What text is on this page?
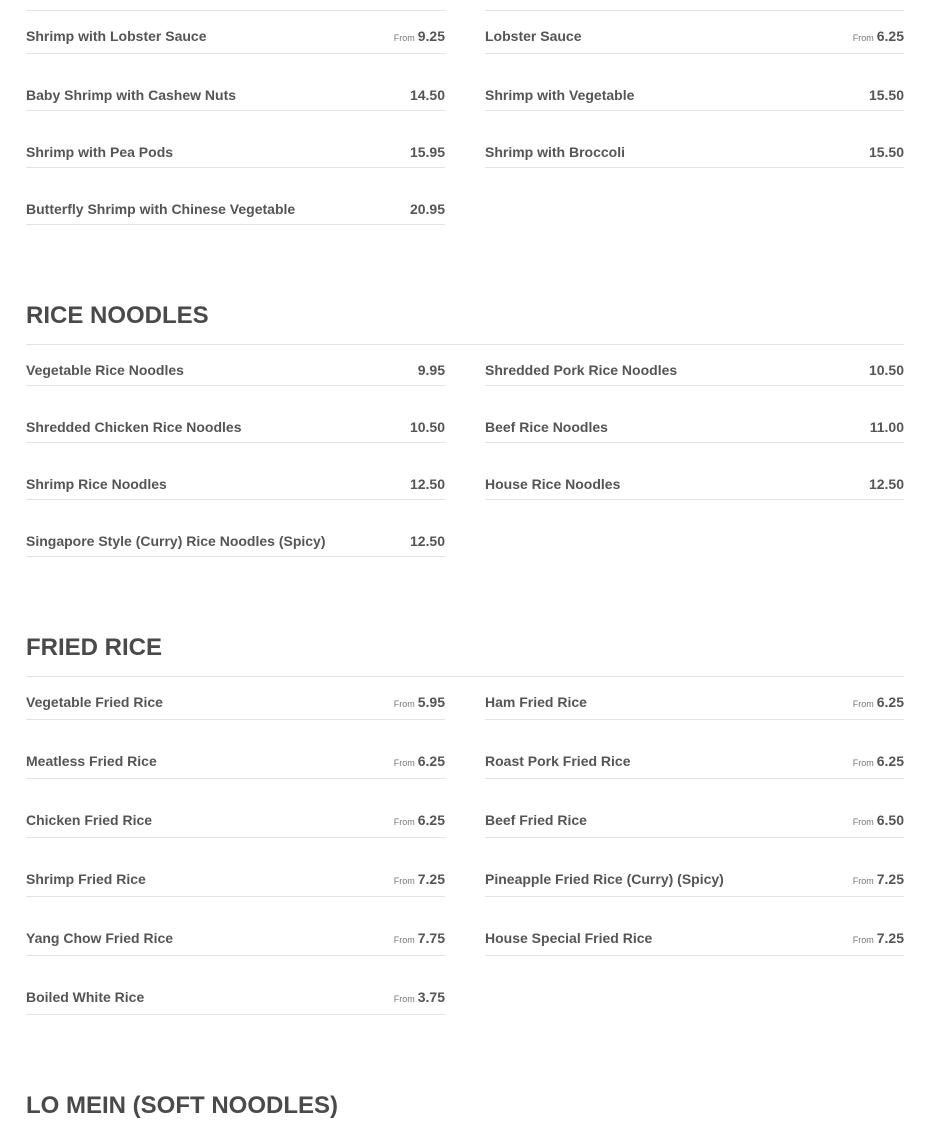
Shrimp with Lobster Sauce	From 9.25
Baby Shrimp with Cashew Nuts	14.50
Shrimp with Pea Pods	15.95
Butterfly Shrimp with Chinese Vegetable	20.95
Lobster Sauce	From 6.25
Shrimp with Vegetable	15.50
Shrimp with Broccoli	15.50
RICE NOODLES
Vegetable Rice Noodles	9.95
Shredded Chicken Rice Noodles	10.50
Shrimp Rice Noodles	12.50
Singapore Style (Curry) Rice Noodles (Spicy)	12.50
Shredded Pork Rice Noodles	10.50
Beef Rice Noodles	11.00
House Rice Noodles	12.50
FRIED RICE
Vegetable Fried Rice	From 5.95
Meatless Fried Rice	From 6.25
Chicken Fried Rice	From 6.25
Shrimp Fried Rice	From 7.25
Yang Chow Fried Rice	From 7.75
Boiled White Rice	From 3.75
Ham Fried Rice	From 6.25
Roast Pork Fried Rice	From 6.25
Beef Fried Rice	From 6.50
Pineapple Fried Rice (Curry) (Spicy)	From 7.25
House Special Fried Rice	From 7.25
LO MEIN (SOFT NOODLES)
